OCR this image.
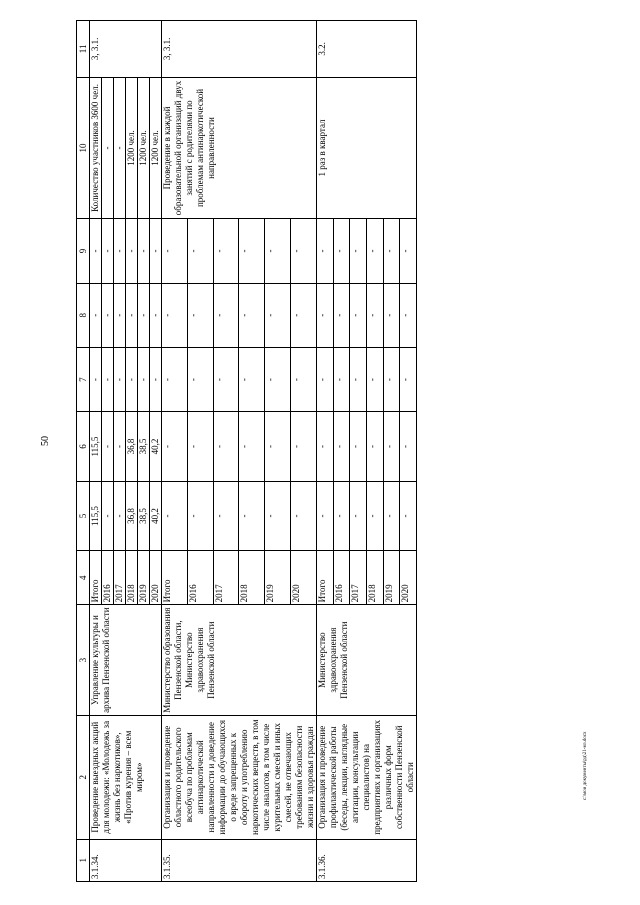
50
1	2	3	4	5	6	7	8	9	10	11
3.1.34.	Проведение выездных акций для молодежи: «Молодежь за жизнь без наркотиков», «Против курения – всем миром»	Управление культуры и архива Пензенской области	Итого	115,5	115,5	-	-	-	Количество участников 3600 чел.	3, 3.1.
			2016	-	-	-	-	-	-	
			2017	-	-	-	-	-	-	
			2018	36,8	36,8	-	-	-	1200 чел.	
			2019	38,5	38,5	-	-	-	1200 чел.	
			2020	40,2	40,2	-	-	-	1200 чел.	
3.1.35.	Организация и проведение областного родительского всеобуча по проблемам антинаркотической направленности и доведение информации до обучающихся о вреде запрещенных к обороту и употреблению наркотических веществ, в том числе аналогов, в том числе курительных смесей и иных смесей, не отвечающих требованиям безопасности жизни и здоровья граждан	Министерство образования Пензенской области, Министерство здравоохранения Пензенской области	Итого	-	-	-	-	-	Проведение в каждой образовательной организаций двух занятий с родителями по проблемам антинаркотической направленности	3, 3.1.
			2016	-	-	-	-	-		
			2017	-	-	-	-	-		
			2018	-	-	-	-	-		
			2019	-	-	-	-	-		
			2020	-	-	-	-	-		
3.1.36.	Организация и проведение профилактической работы (беседы, лекции, наглядные агитации, консультации специалистов) на предприятиях и организациях различных форм собственности Пензенской области	Министерство здравоохранения Пензенской области	Итого	-	-	-	-	-	1 раз в квартал	3.2.
			2016	-	-	-	-	-		
			2017	-	-	-	-	-		
			2018	-	-	-	-	-		
			2019	-	-	-	-	-		
			2020	-	-	-	-	-		
с:\мои документы\рд\21-мз.docx
